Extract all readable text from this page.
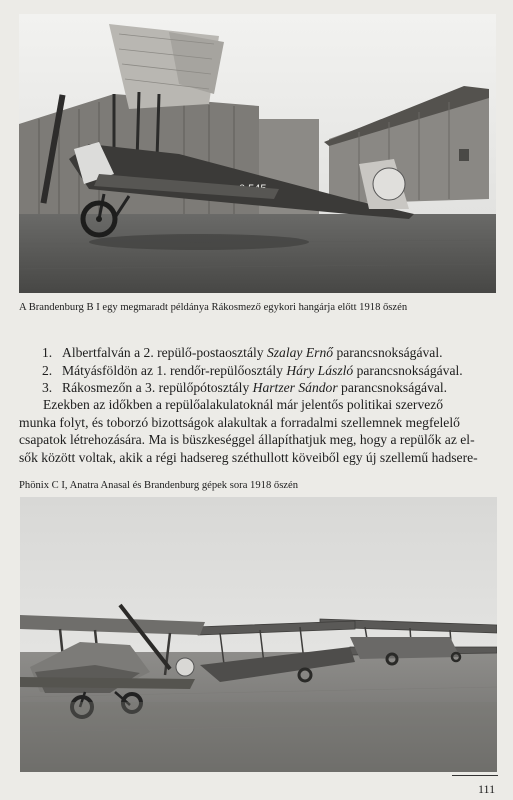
A Brandenburg B I egy megmaradt példánya Rákosmező egykori hangárja előtt 1918 őszén
1. Albertfalván a 2. repülő-postaosztály Szalay Ernő parancsnokságával.
2. Mátyásföldön az 1. rendőr-repülőosztály Háry László parancsnokságával.
3. Rákosmezőn a 3. repülőpótosztály Hartzer Sándor parancsnokságával.
Ezekben az időkben a repülőalakulatoknál már jelentős politikai szervező
munka folyt, és toborzó bizottságok alakultak a forradalmi szellemnek megfelelő
csapatok létrehozására. Ma is büszkeséggel állapíthatjuk meg, hogy a repülők az el-
sők között voltak, akik a régi hadsereg széthullott köveiből egy új szellemű hadsere-
Phönix C I, Anatra Anasal és Brandenburg gépek sora 1918 őszén
111
